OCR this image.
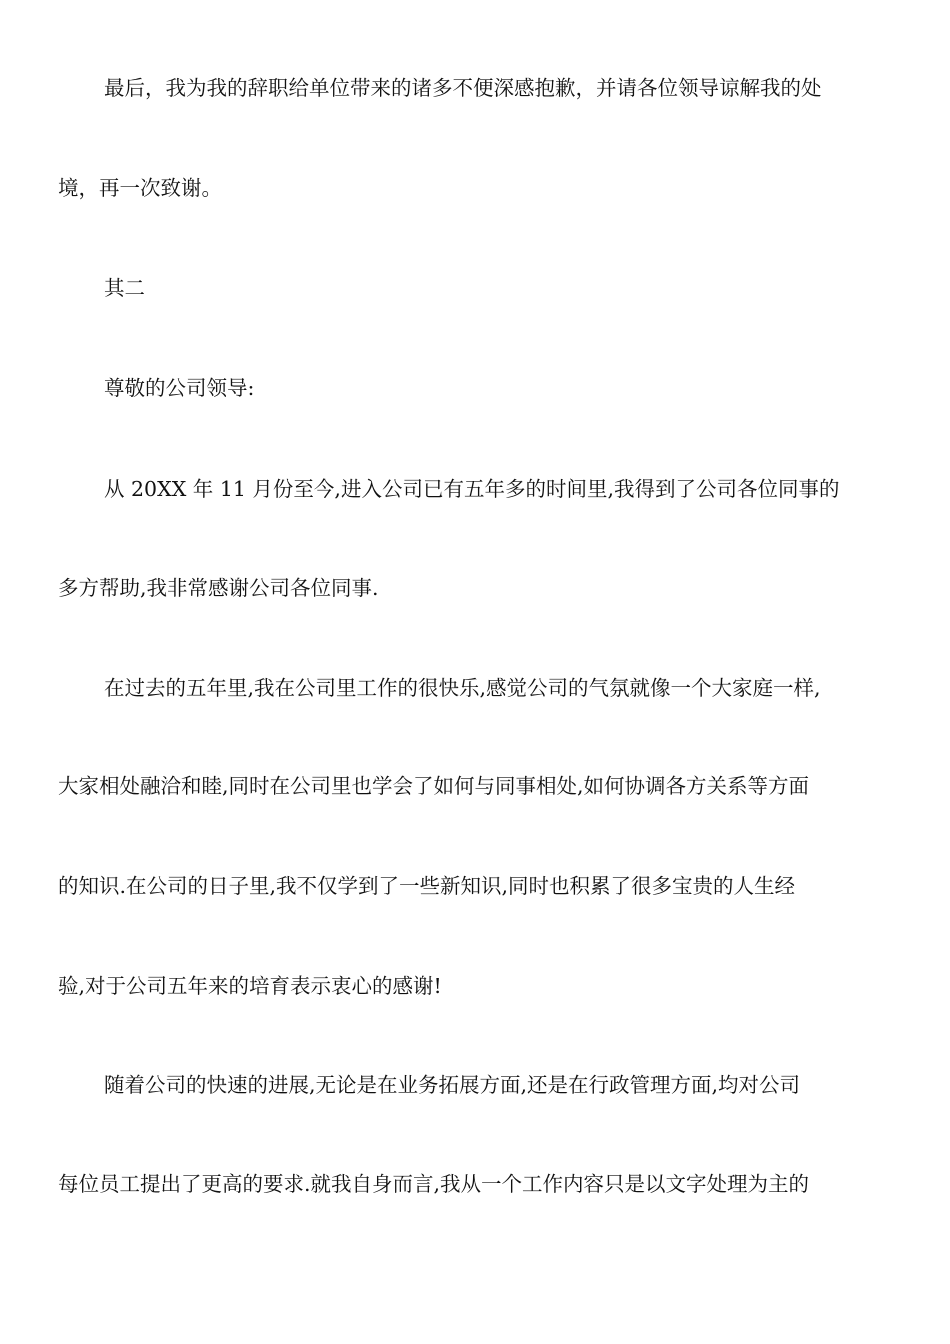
最后，我为我的辞职给单位带来的诸多不便深感抱歉，并请各位领导谅解我的处

境，再一次致谢。

其二

尊敬的公司领导:

从 20XX 年 11 月份至今,进入公司已有五年多的时间里,我得到了公司各位同事的

多方帮助,我非常感谢公司各位同事.

在过去的五年里,我在公司里工作的很快乐,感觉公司的气氛就像一个大家庭一样,

大家相处融洽和睦,同时在公司里也学会了如何与同事相处,如何协调各方关系等方面

的知识.在公司的日子里,我不仅学到了一些新知识,同时也积累了很多宝贵的人生经

验,对于公司五年来的培育表示衷心的感谢!

随着公司的快速的进展,无论是在业务拓展方面,还是在行政管理方面,均对公司

每位员工提出了更高的要求.就我自身而言,我从一个工作内容只是以文字处理为主的
